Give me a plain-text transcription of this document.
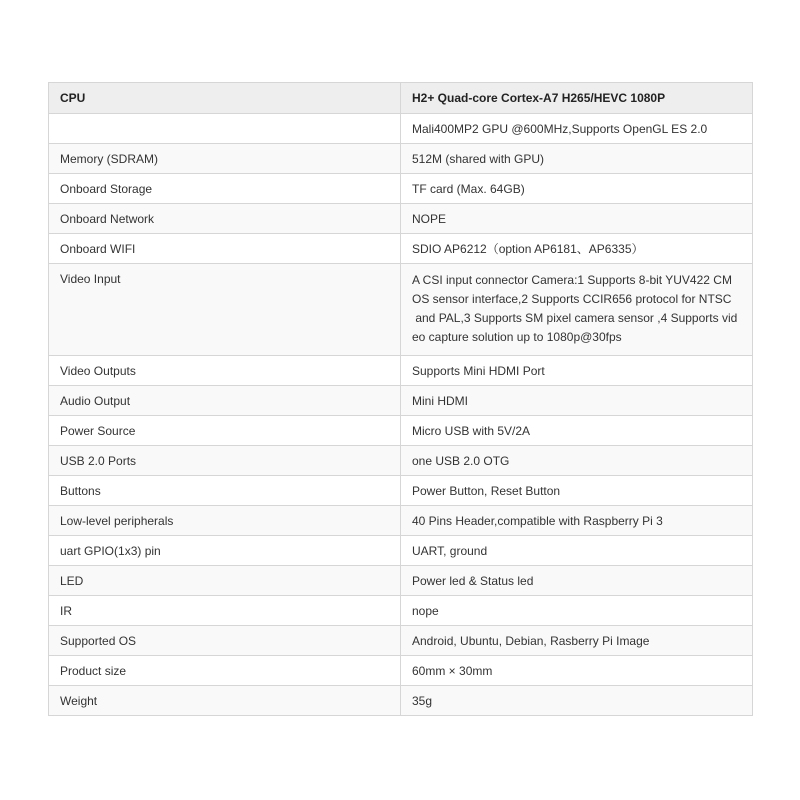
CPU	H2+ Quad-core Cortex-A7 H265/HEVC 1080P
	Mali400MP2 GPU @600MHz,Supports OpenGL ES 2.0
Memory (SDRAM)	512M (shared with GPU)
Onboard Storage	TF card (Max. 64GB)
Onboard Network	NOPE
Onboard WIFI	SDIO AP6212（option AP6181、AP6335）
Video Input	A CSI input connector Camera:1 Supports 8-bit YUV422 CM
OS sensor interface,2 Supports CCIR656 protocol for NTSC
and PAL,3 Supports SM pixel camera sensor ,4 Supports vid
eo capture solution up to 1080p@30fps

Video Outputs	Supports Mini HDMI Port
Audio Output	Mini HDMI
Power Source	Micro USB with 5V/2A
USB 2.0 Ports	one USB 2.0 OTG
Buttons	Power Button, Reset Button
Low-level peripherals	40 Pins Header,compatible with Raspberry Pi 3
uart GPIO(1x3) pin	UART, ground
LED	Power led & Status led
IR	nope
Supported OS	Android, Ubuntu, Debian, Rasberry Pi Image
Product size	60mm × 30mm
Weight	35g
